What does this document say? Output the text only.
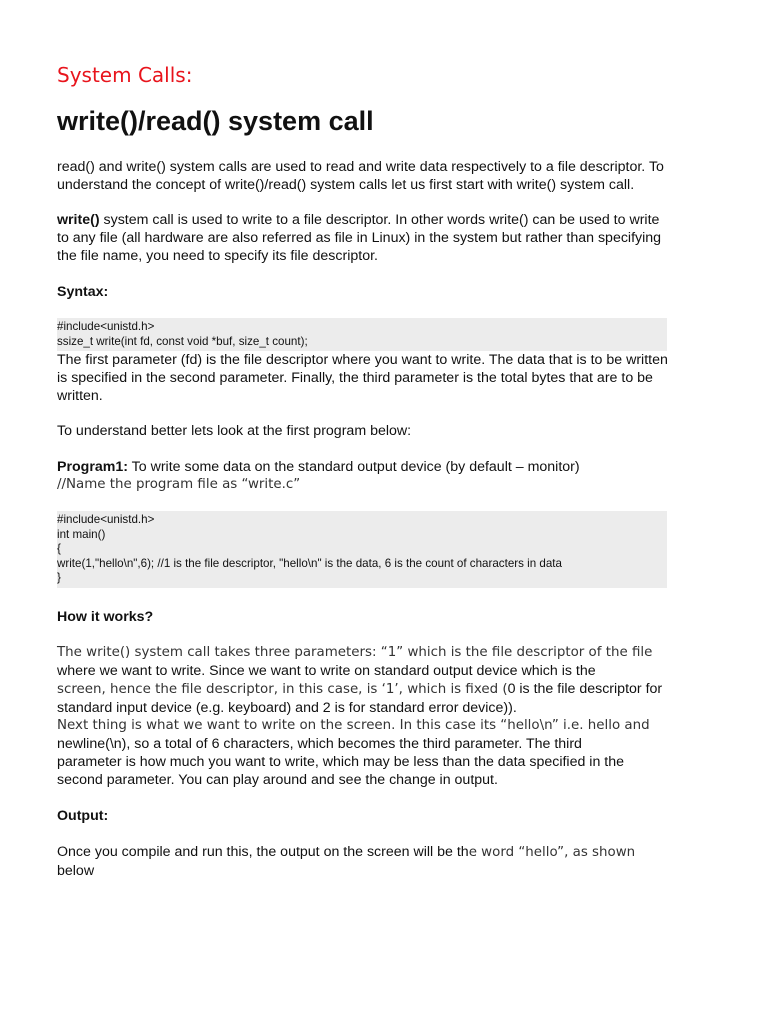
System Calls:
write()/read() system call

read() and write() system calls are used to read and write data respectively to a file descriptor. To understand the concept of write()/read() system calls let us first start with write() system call.

write() system call is used to write to a file descriptor. In other words write() can be used to write to any file (all hardware are also referred as file in Linux) in the system but rather than specifying the file name, you need to specify its file descriptor.

Syntax:

#include<unistd.h>
ssize_t write(int fd, const void *buf, size_t count);

The first parameter (fd) is the file descriptor where you want to write. The data that is to be written is specified in the second parameter. Finally, the third parameter is the total bytes that are to be written.

To understand better lets look at the first program below:

Program1: To write some data on the standard output device (by default – monitor)

//Name the program file as “write.c”

#include<unistd.h>
int main()
{
write(1,"hello\n",6); //1 is the file descriptor, "hello\n" is the data, 6 is the count of characters in data
}

How it works?

The write() system call takes three parameters: “1” which is the file descriptor of the file

where we want to write. Since we want to write on standard output device which is the

screen, hence the file descriptor, in this case, is ‘1’, which is fixed (0 is the file descriptor for

standard input device (e.g. keyboard) and 2 is for standard error device)).

Next thing is what we want to write on the screen. In this case its “hello\n” i.e. hello and

newline(\n), so a total of 6 characters, which becomes the third parameter. The third

parameter is how much you want to write, which may be less than the data specified in the

second parameter. You can play around and see the change in output.

Output:

Once you compile and run this, the output on the screen will be the word “hello”, as shown
below
